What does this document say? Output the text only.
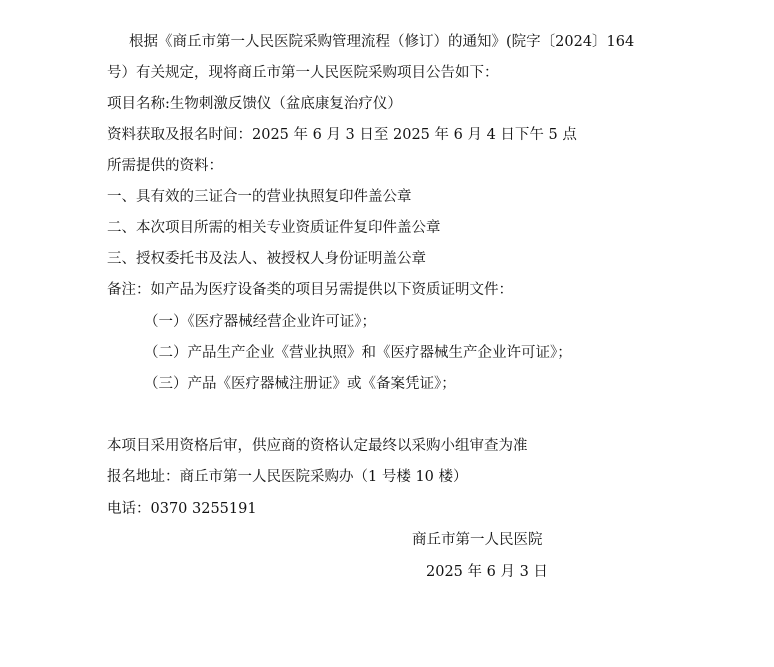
根据《商丘市第一人民医院采购管理流程（修订）的通知》(院字〔2024〕164
号）有关规定，现将商丘市第一人民医院采购项目公告如下：
项目名称:生物刺激反馈仪（盆底康复治疗仪）
资料获取及报名时间：2025 年 6 月 3 日至 2025 年 6 月 4 日下午 5 点
所需提供的资料：
一、具有效的三证合一的营业执照复印件盖公章
二、本次项目所需的相关专业资质证件复印件盖公章
三、授权委托书及法人、被授权人身份证明盖公章
备注：如产品为医疗设备类的项目另需提供以下资质证明文件：
（一）《医疗器械经营企业许可证》；
（二）产品生产企业《营业执照》和《医疗器械生产企业许可证》；
（三）产品《医疗器械注册证》或《备案凭证》；
本项目采用资格后审，供应商的资格认定最终以采购小组审查为准
报名地址：商丘市第一人民医院采购办（1 号楼 10 楼）
电话：0370 3255191
商丘市第一人民医院
2025 年 6 月 3 日
